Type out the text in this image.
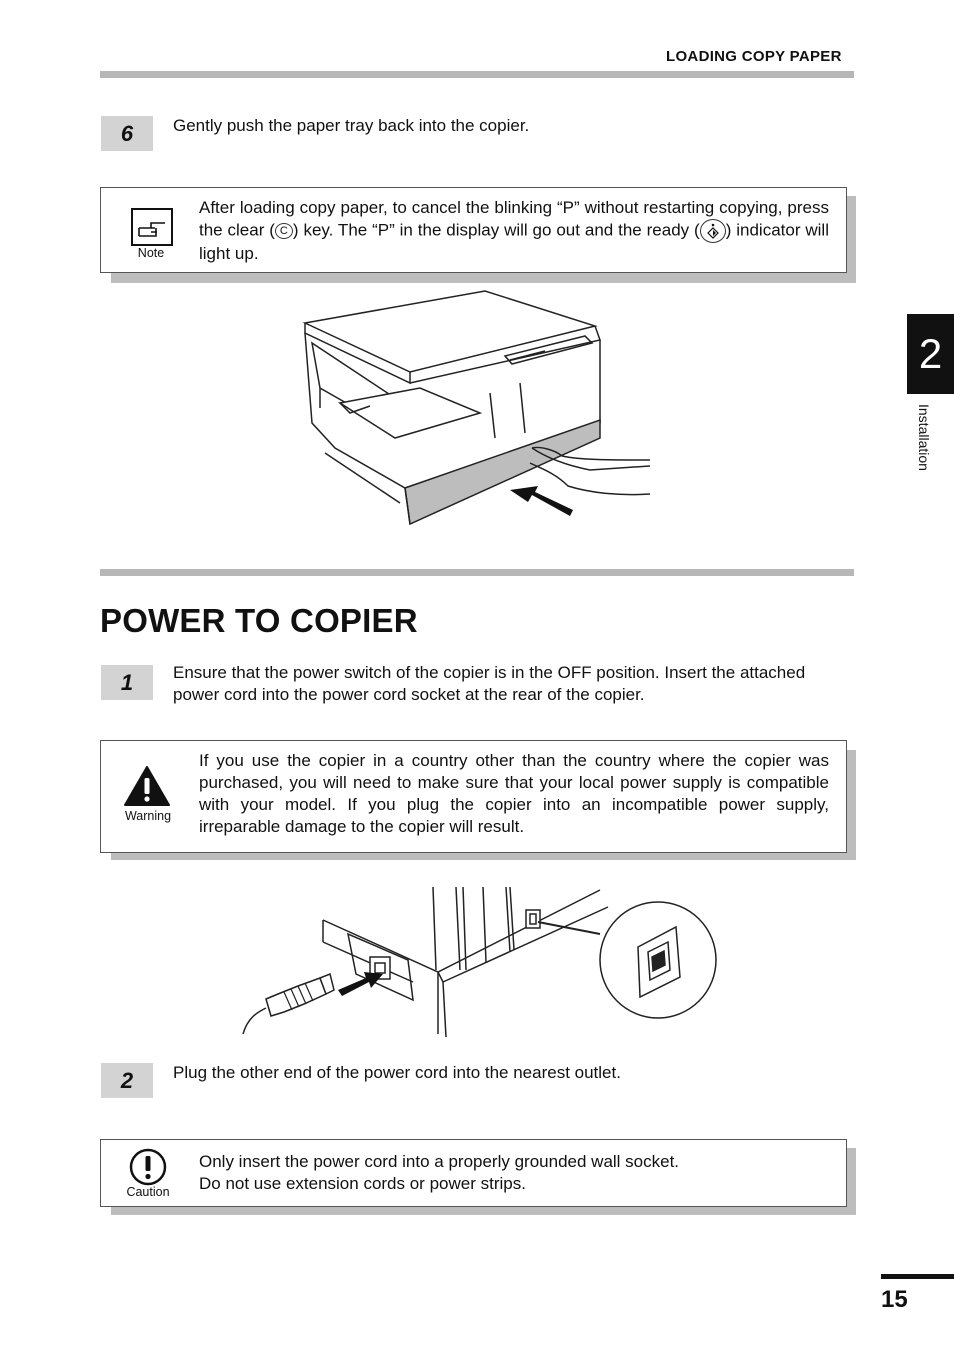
LOADING COPY PAPER
6	Gently push the paper tray back into the copier.
Note
After loading copy paper, to cancel the blinking “P” without restarting copying, press the clear ( C ) key. The “P” in the display will go out and the ready ( ) indicator will light up.
POWER TO COPIER
1	Ensure that the power switch of the copier is in the OFF position. Insert the attached power cord into the power cord socket at the rear of the copier.
Warning
If you use the copier in a country other than the country where the copier was purchased, you will need to make sure that your local power supply is compatible with your model. If you plug the copier into an incompatible power supply, irreparable damage to the copier will result.
2	Plug the other end of the power cord into the nearest outlet.
Caution
Only insert the power cord into a properly grounded wall socket.
Do not use extension cords or power strips.
2
Installation
15
